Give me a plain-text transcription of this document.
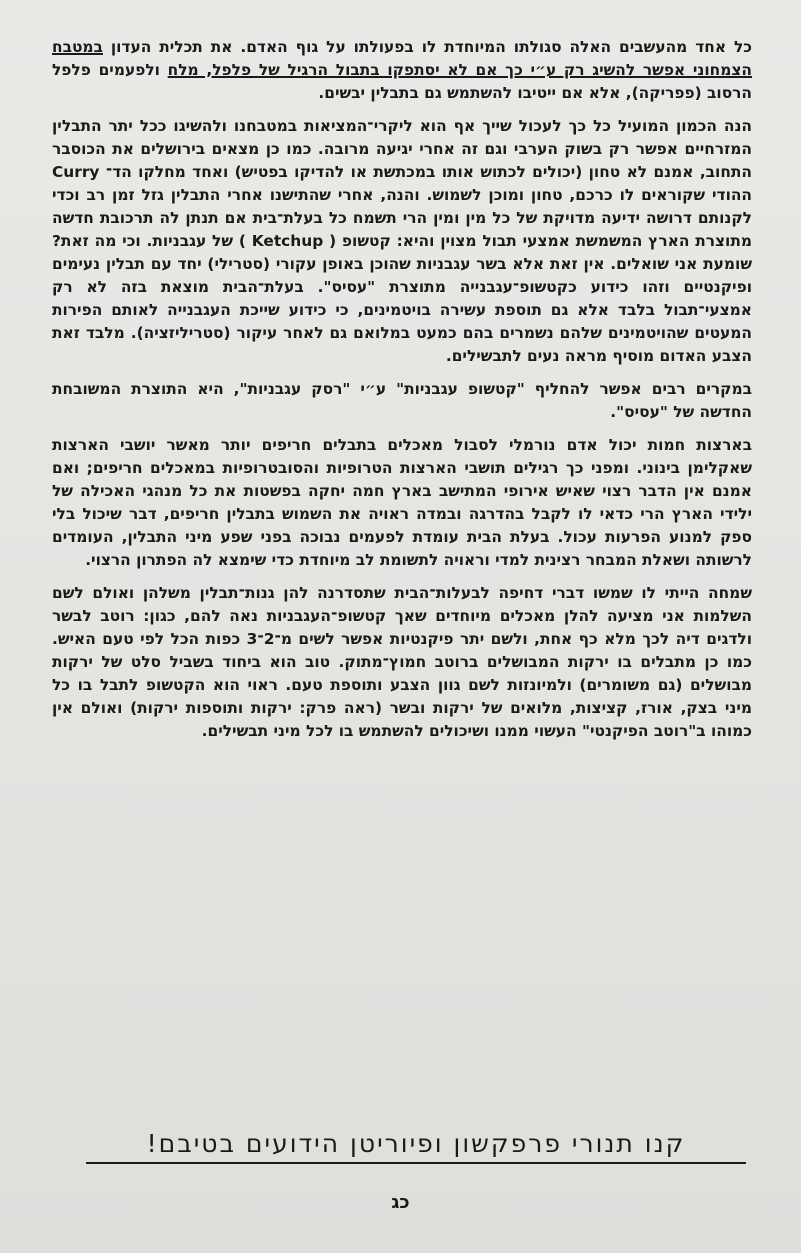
כל אחד מהעשבים האלה סגולתו המיוחדת לו בפעולתו על גוף האדם. את תכלית העדון במטבח הצמחוני אפשר להשיג רק ע״י כך אם לא יסתפקו בתבול הרגיל של פלפל, מלח ולפעמים פלפל הרסוב (פפריקה), אלא אם ייטיבו להשתמש גם בתבלין יבשים.

הנה הכמון המועיל כל כך לעכול שייך אף הוא ליקרי־המציאות במטבחנו ולהשיגו ככל יתר התבלין המזרחיים אפשר רק בשוק הערבי וגם זה אחרי יגיעה מרובה. כמו כן מצאים בירושלים את הכוסבר התחוב, אמנם לא טחון (יכולים לכתוש אותו במכתשת או להדיקו בפטיש) ואחד מחלקו הד־ Curry ההודי שקוראים לו כרכם, טחון ומוכן לשמוש. והנה, אחרי שהתישנו אחרי התבלין גזל זמן רב וכדי לקנותם דרושה ידיעה מדויקת של כל מין ומין הרי תשמח כל בעלת־בית אם תנתן לה תרכובת חדשה מתוצרת הארץ המשמשת אמצעי תבול מצוין והיא: קטשופ ( Ketchup ) של עגבניות. וכי מה זאת? שומעת אני שואלים. אין זאת אלא בשר עגבניות שהוכן באופן עקורי (סטרילי) יחד עם תבלין נעימים ופיקנטיים וזהו כידוע כקטשופ־עגבנייה מתוצרת "עסיס". בעלת־הבית מוצאת בזה לא רק אמצעי־תבול בלבד אלא גם תוספת עשירה בויטמינים, כי כידוע שייכת העגבנייה לאותם הפירות המעטים שהויטמינים שלהם נשמרים בהם כמעט במלואם גם לאחר עיקור (סטריליזציה). מלבד זאת הצבע האדום מוסיף מראה נעים לתבשילים.

במקרים רבים אפשר להחליף "קטשופ עגבניות" ע״י "רסק עגבניות", היא התוצרת המשובחת החדשה של "עסיס".

בארצות חמות יכול אדם נורמלי לסבול מאכלים בתבלים חריפים יותר מאשר יושבי הארצות שאקלימן בינוני. ומפני כך רגילים תושבי הארצות הטרופיות והסובטרופיות במאכלים חריפים; ואם אמנם אין הדבר רצוי שאיש אירופי המתישב בארץ חמה יחקה בפשטות את כל מנהגי האכילה של ילידי הארץ הרי כדאי לו לקבל בהדרגה ובמדה ראויה את השמוש בתבלין חריפים, דבר שיכול בלי ספק למנוע הפרעות עכול. בעלת הבית עומדת לפעמים נבוכה בפני שפע מיני התבלין, העומדים לרשותה ושאלת המבחר רצינית למדי וראויה לתשומת לב מיוחדת כדי שימצא לה הפתרון הרצוי.

שמחה הייתי לו שמשו דברי דחיפה לבעלות־הבית שתסדרנה להן גנות־תבלין משלהן ואולם לשם השלמות אני מציעה להלן מאכלים מיוחדים שאך קטשופ־העגבניות נאה להם, כגון: רוטב לבשר ולדגים דיה לכך מלא כף אחת, ולשם יתר פיקנטיות אפשר לשים מ־2־3 כפות הכל לפי טעם האיש. כמו כן מתבלים בו ירקות המבושלים ברוטב חמוץ־מתוק. טוב הוא ביחוד בשביל סלט של ירקות מבושלים (גם משומרים) ולמיונזות לשם גוון הצבע ותוספת טעם. ראוי הוא הקטשופ לתבל בו כל מיני בצק, אורז, קציצות, מלואים של ירקות ובשר (ראה פרק: ירקות ותוספות ירקות) ואולם אין כמוהו ב"רוטב הפיקנטי" העשוי ממנו ושיכולים להשתמש בו לכל מיני תבשילים.

קנו תנורי פרפקשון ופיוריטן הידועים בטיבם!
כג
